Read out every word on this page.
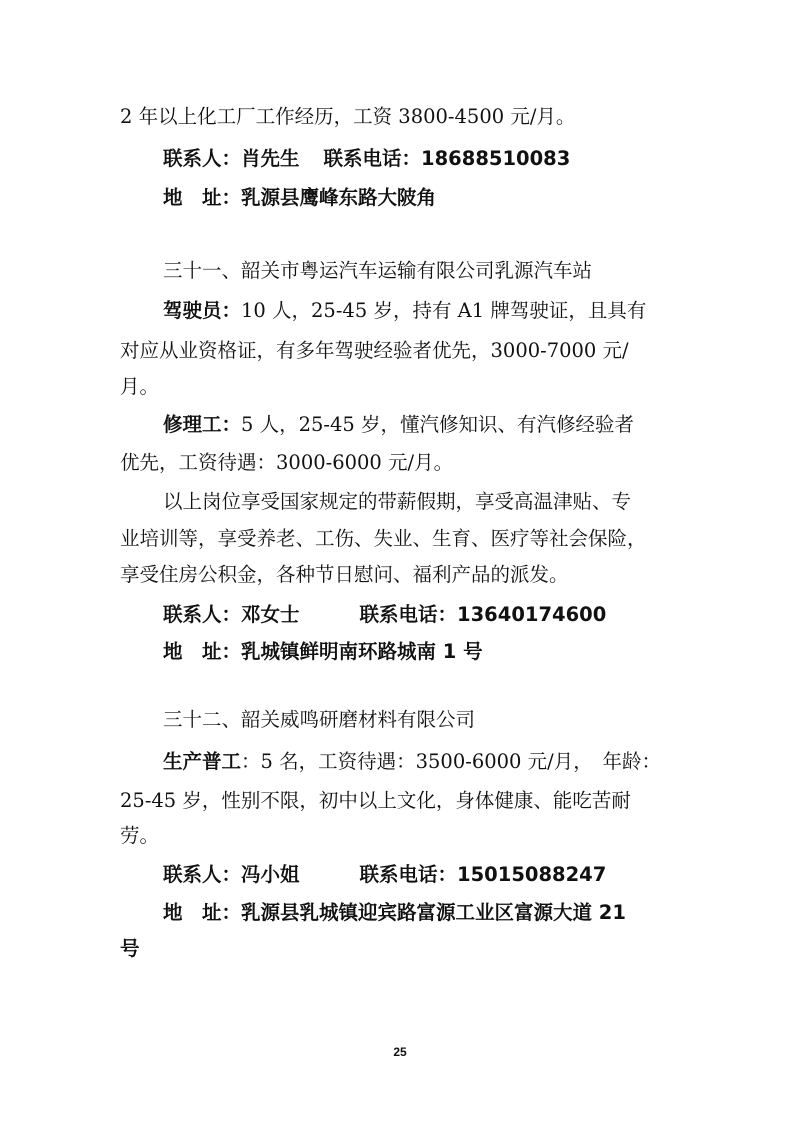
2 年以上化工厂工作经历，工资 3800-4500 元/月。
联系人：肖先生 联系电话：18688510083
地　址：乳源县鹰峰东路大陂角
三十一、韶关市粤运汽车运输有限公司乳源汽车站
驾驶员：10 人，25-45 岁，持有 A1 牌驾驶证，且具有
对应从业资格证，有多年驾驶经验者优先，3000-7000 元/
月。
修理工：5 人，25-45 岁，懂汽修知识、有汽修经验者
优先，工资待遇：3000-6000 元/月。
以上岗位享受国家规定的带薪假期，享受高温津贴、专
业培训等，享受养老、工伤、失业、生育、医疗等社会保险，
享受住房公积金，各种节日慰问、福利产品的派发。
联系人：邓女士	联系电话：13640174600
地　址：乳城镇鲜明南环路城南 1 号
三十二、韶关威鸣研磨材料有限公司
生产普工：5 名，工资待遇：3500-6000 元/月，　年龄：
25-45 岁，性别不限，初中以上文化，身体健康、能吃苦耐
劳。
联系人：冯小姐	联系电话：15015088247
地　址：乳源县乳城镇迎宾路富源工业区富源大道 21
号
25
